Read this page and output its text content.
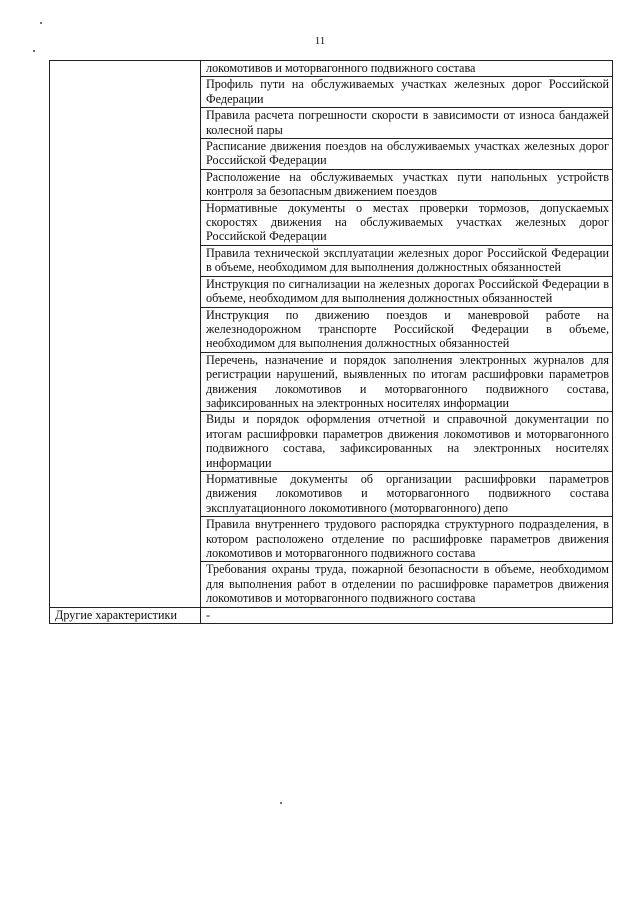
11
	локомотивов и моторвагонного подвижного состава
	Профиль пути на обслуживаемых участках железных дорог Российской Федерации
	Правила расчета погрешности скорости в зависимости от износа бандажей колесной пары
	Расписание движения поездов на обслуживаемых участках железных дорог Российской Федерации
	Расположение на обслуживаемых участках пути напольных устройств контроля за безопасным движением поездов
	Нормативные документы о местах проверки тормозов, допускаемых скоростях движения на обслуживаемых участках железных дорог Российской Федерации
	Правила технической эксплуатации железных дорог Российской Федерации в объеме, необходимом для выполнения должностных обязанностей
	Инструкция по сигнализации на железных дорогах Российской Федерации в объеме, необходимом для выполнения должностных обязанностей
	Инструкция по движению поездов и маневровой работе на железнодорожном транспорте Российской Федерации в объеме, необходимом для выполнения должностных обязанностей
	Перечень, назначение и порядок заполнения электронных журналов для регистрации нарушений, выявленных по итогам расшифровки параметров движения локомотивов и моторвагонного подвижного состава, зафиксированных на электронных носителях информации
	Виды и порядок оформления отчетной и справочной документации по итогам расшифровки параметров движения локомотивов и моторвагонного подвижного состава, зафиксированных на электронных носителях информации
	Нормативные документы об организации расшифровки параметров движения локомотивов и моторвагонного подвижного состава эксплуатационного локомотивного (моторвагонного) депо
	Правила внутреннего трудового распорядка структурного подразделения, в котором расположено отделение по расшифровке параметров движения локомотивов и моторвагонного подвижного состава
	Требования охраны труда, пожарной безопасности в объеме, необходимом для выполнения работ в отделении по расшифровке параметров движения локомотивов и моторвагонного подвижного состава
Другие характеристики	-
